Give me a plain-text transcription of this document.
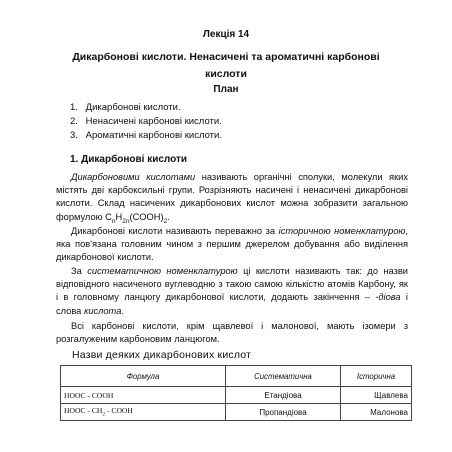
Лекція 14
Дикарбонові кислоти. Ненасичені та ароматичні карбонові кислоти
План
1. Дикарбонові кислоти.
2. Ненасичені карбонові кислоти.
3. Ароматичні карбонові кислоти.
1. Дикарбонові кислоти

Дикарбоновими кислотами називають органічні сполуки, молекули яких містять дві карбоксильні групи. Розрізняють насичені і ненасичені дикарбонові кислоти. Склад насичених дикарбонових кислот можна зобразити загальною формулою $C_nH_{2n}(COOH)_2$.

Дикарбонові кислоти називають переважно за історичною номенклатурою, яка пов'язана головним чином з першим джерелом добування або виділення дикарбонової кислоти.

За систематичною номенклатурою ці кислоти називають так: до назви відповідного насиченого вуглеводню з такою самою кількістю атомів Карбону, як і в головному ланцюгу дикарбонової кислоти, додають закінчення – -діова і слова кислота.

Всі карбонові кислоти, крім щавлевої і малонової, мають ізомери з розгалуженим карбоновим ланцюгом.

Назви деяких дикарбонових кислот
Формула	Систематична	Історична
HOOC - COOH	Етандіова	Щавлева
HOOC - $CH_2$ - COOH	Пропандіова	Малонова
